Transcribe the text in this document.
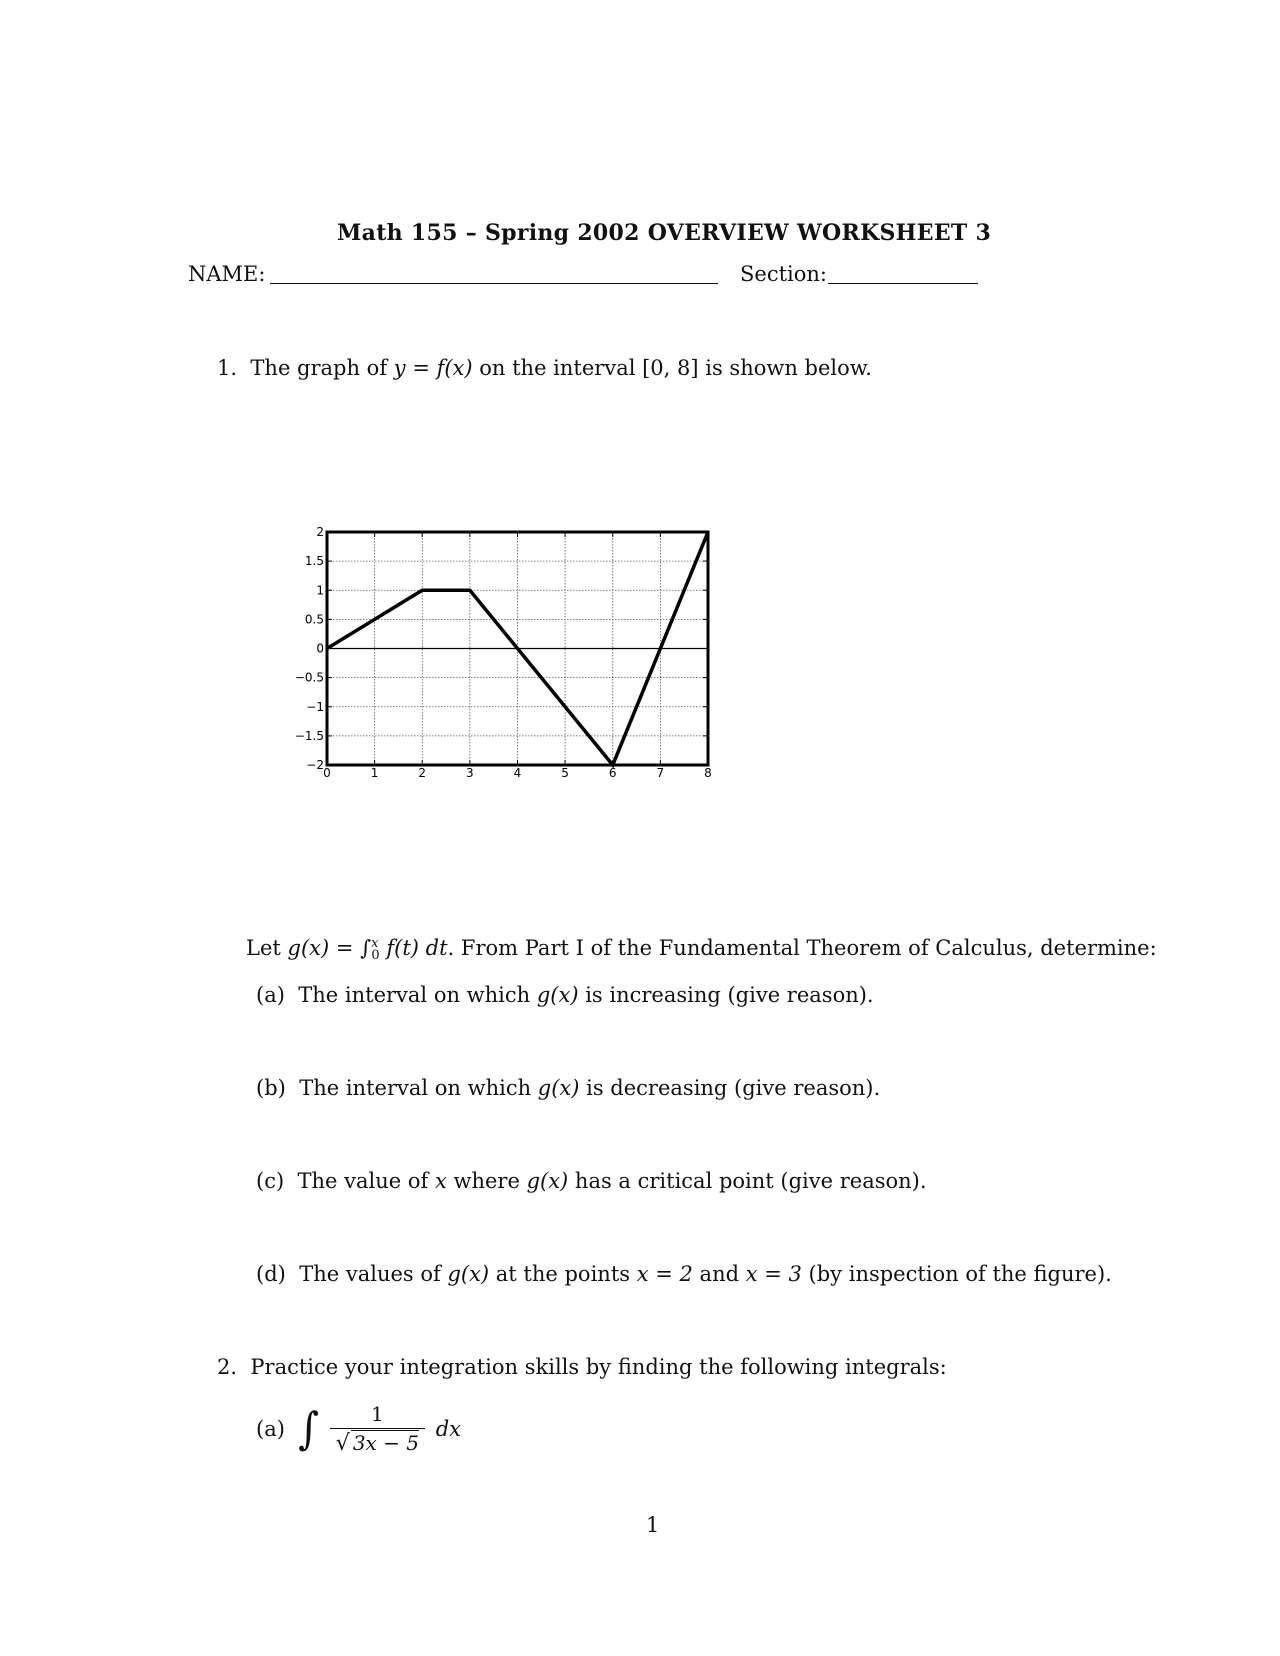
Math 155 – Spring 2002 OVERVIEW WORKSHEET 3
NAME:	Section:
1. The graph of y = f(x) on the interval [0, 8] is shown below.
0	1	2	3	4	5	6	7	8
−2
−1.5
−1
−0.5
0
0.5
1
1.5
2
Let g(x) = ∫$^x_0$ f(t) dt. From Part I of the Fundamental Theorem of Calculus, determine:
(a) The interval on which g(x) is increasing (give reason).
(b) The interval on which g(x) is decreasing (give reason).
(c) The value of x where g(x) has a critical point (give reason).
(d) The values of g(x) at the points x = 2 and x = 3 (by inspection of the figure).
2. Practice your integration skills by finding the following integrals:
(a) ∫ $\frac{1}{√ 3x - 5}$ dx
1
